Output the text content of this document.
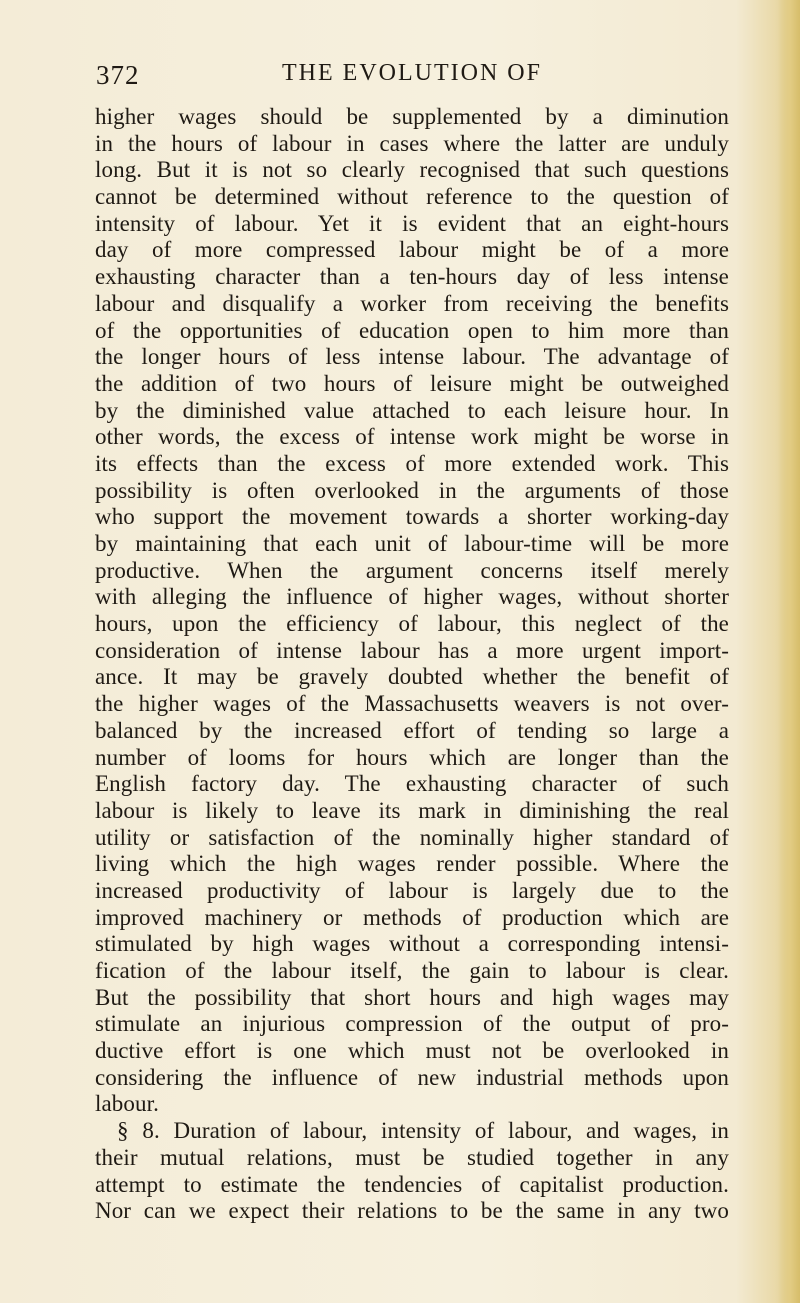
372	THE EVOLUTION OF
higher wages should be supplemented by a diminution
in the hours of labour in cases where the latter are unduly
long. But it is not so clearly recognised that such questions
cannot be determined without reference to the question of
intensity of labour. Yet it is evident that an eight-hours
day of more compressed labour might be of a more
exhausting character than a ten-hours day of less intense
labour and disqualify a worker from receiving the benefits
of the opportunities of education open to him more than
the longer hours of less intense labour. The advantage of
the addition of two hours of leisure might be outweighed
by the diminished value attached to each leisure hour. In
other words, the excess of intense work might be worse in
its effects than the excess of more extended work. This
possibility is often overlooked in the arguments of those
who support the movement towards a shorter working-day
by maintaining that each unit of labour-time will be more
productive. When the argument concerns itself merely
with alleging the influence of higher wages, without shorter
hours, upon the efficiency of labour, this neglect of the
consideration of intense labour has a more urgent import-
ance. It may be gravely doubted whether the benefit of
the higher wages of the Massachusetts weavers is not over-
balanced by the increased effort of tending so large a
number of looms for hours which are longer than the
English factory day. The exhausting character of such
labour is likely to leave its mark in diminishing the real
utility or satisfaction of the nominally higher standard of
living which the high wages render possible. Where the
increased productivity of labour is largely due to the
improved machinery or methods of production which are
stimulated by high wages without a corresponding intensi-
fication of the labour itself, the gain to labour is clear.
But the possibility that short hours and high wages may
stimulate an injurious compression of the output of pro-
ductive effort is one which must not be overlooked in
considering the influence of new industrial methods upon
labour.
§ 8. Duration of labour, intensity of labour, and wages, in
their mutual relations, must be studied together in any
attempt to estimate the tendencies of capitalist production.
Nor can we expect their relations to be the same in any two
